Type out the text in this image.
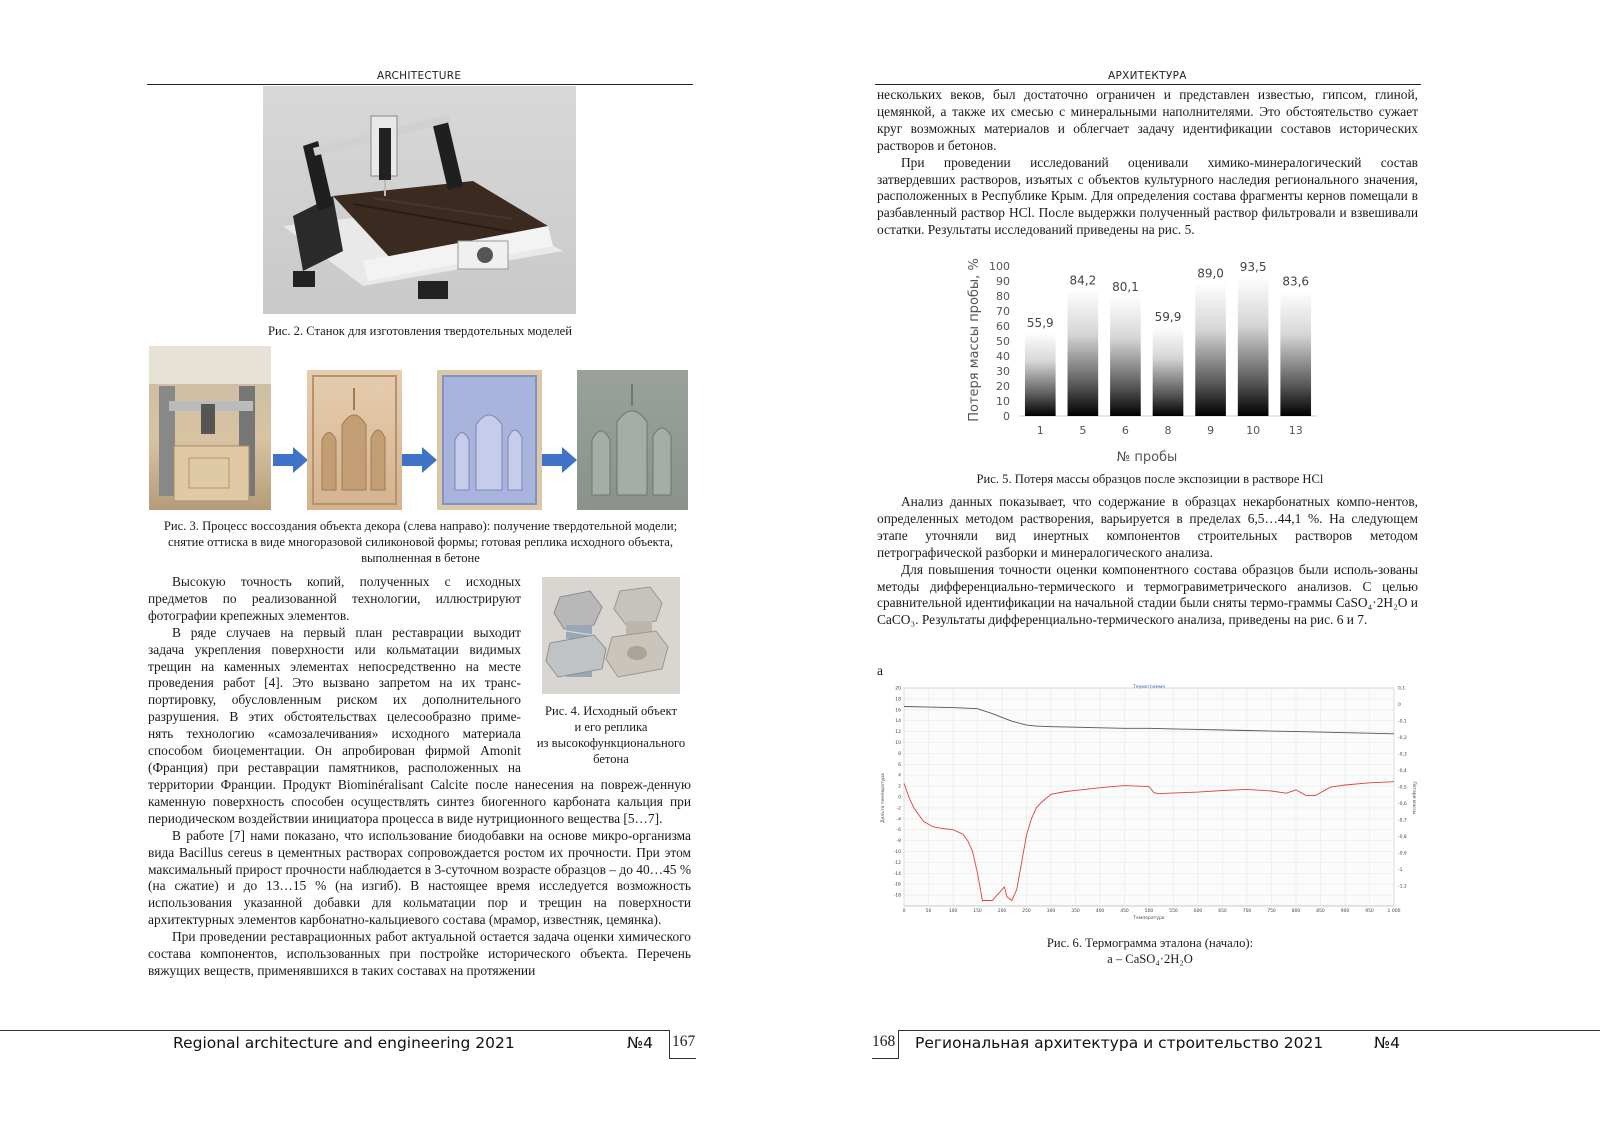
ARCHITECTURE
Рис. 2. Станок для изготовления твердотельных моделей
Рис. 3. Процесс воссоздания объекта декора (слева направо): получение твердотельной модели; снятие оттиска в виде многоразовой силиконовой формы; готовая реплика исходного объекта, выполненная в бетоне
Рис. 4. Исходный объект
и его реплика
из высокофункционального
бетона

Высокую точность копий, полученных с исходных

предметов по реализованной технологии, иллюстрируют

фотографии крепежных элементов.

В ряде случаев на первый план реставрации выходит

задача укрепления поверхности или кольматации видимых

трещин на каменных элементах непосредственно на месте

проведения работ [4]. Это вызвано запретом на их транс-

портировку, обусловленным риском их дополнительного

разрушения. В этих обстоятельствах целесообразно приме-

нять технологию «самозалечивания» исходного материала

способом биоцементации. Он апробирован фирмой Amonit

(Франция) при реставрации памятников, расположенных на

территории Франции. Продукт Biominéralisant Calcite после нанесения на повреж-денную каменную поверхность способен осуществлять синтез биогенного карбоната кальция при периодическом воздействии инициатора процесса в виде нутриционного вещества [5…7].

В работе [7] нами показано, что использование биодобавки на основе микро-организма вида Bacillus cereus в цементных растворах сопровождается ростом их прочности. При этом максимальный прирост прочности наблюдается в 3-суточном возрасте образцов – до 40…45 % (на сжатие) и до 13…15 % (на изгиб). В настоящее время исследуется возможность использования указанной добавки для кольматации пор и трещин на поверхности архитектурных элементов карбонатно-кальциевого состава (мрамор, известняк, цемянка).

При проведении реставрационных работ актуальной остается задача оценки химического состава компонентов, использованных при постройке исторического объекта. Перечень вяжущих веществ, применявшихся в таких составах на протяжении

Regional architecture and engineering 2021	№4 167
АРХИТЕКТУРА

нескольких веков, был достаточно ограничен и представлен известью, гипсом, глиной, цемянкой, а также их смесью с минеральными наполнителями. Это обстоятельство сужает круг возможных материалов и облегчает задачу идентификации составов исторических растворов и бетонов.

При проведении исследований оценивали химико-минералогический состав затвердевших растворов, изъятых с объектов культурного наследия регионального значения, расположенных в Республике Крым. Для определения состава фрагменты кернов помещали в разбавленный раствор HCl. После выдержки полученный раствор фильтровали и взвешивали остатки. Результаты исследований приведены на рис. 5.

Потеря массы пробы, % 0
10
20
30
40
50
60
70
80
90
100
55,9
84,2 80,1
59,9
89,0 93,5
83,6
1	5	6	8	9	10	13
№ пробы
Рис. 5. Потеря массы образцов после экспозиции в растворе HCl

Анализ данных показывает, что содержание в образцах некарбонатных компо-нентов, определенных методом растворения, варьируется в пределах 6,5…44,1 %. На следующем этапе уточняли вид инертных компонентов строительных растворов методом петрографической разборки и минералогического анализа.

Для повышения точности оценки компонентного состава образцов были исполь-зованы методы дифференциально-термического и термогравиметрического анализов. С целью сравнительной идентификации на начальной стадии были сняты термо-граммы CaSO₄·2H₂O и CaCO₃. Результаты дифференциально-термического анализа, приведены на рис. 6 и 7.

а
Термограмма
0	50	100	150	200	250	300	350	400	450	500	550	600	650	700	750	800	850	900	950	1 000
20
18
16
14
12
10
8
6
4
2
0
-2
-4
-6
-8
-10
-12
-14
-16
-18
0,1
0
-0,1
-0,2
-0,3
-0,4
-0,5
-0,6
-0,7
-0,8
-0,9
-1
-1,1
Дельта температура	Потеря массы
Температура
Рис. 6. Термограмма эталона (начало):
а – CaSO₄·2H₂O
168 Региональная архитектура и строительство 2021	№4
